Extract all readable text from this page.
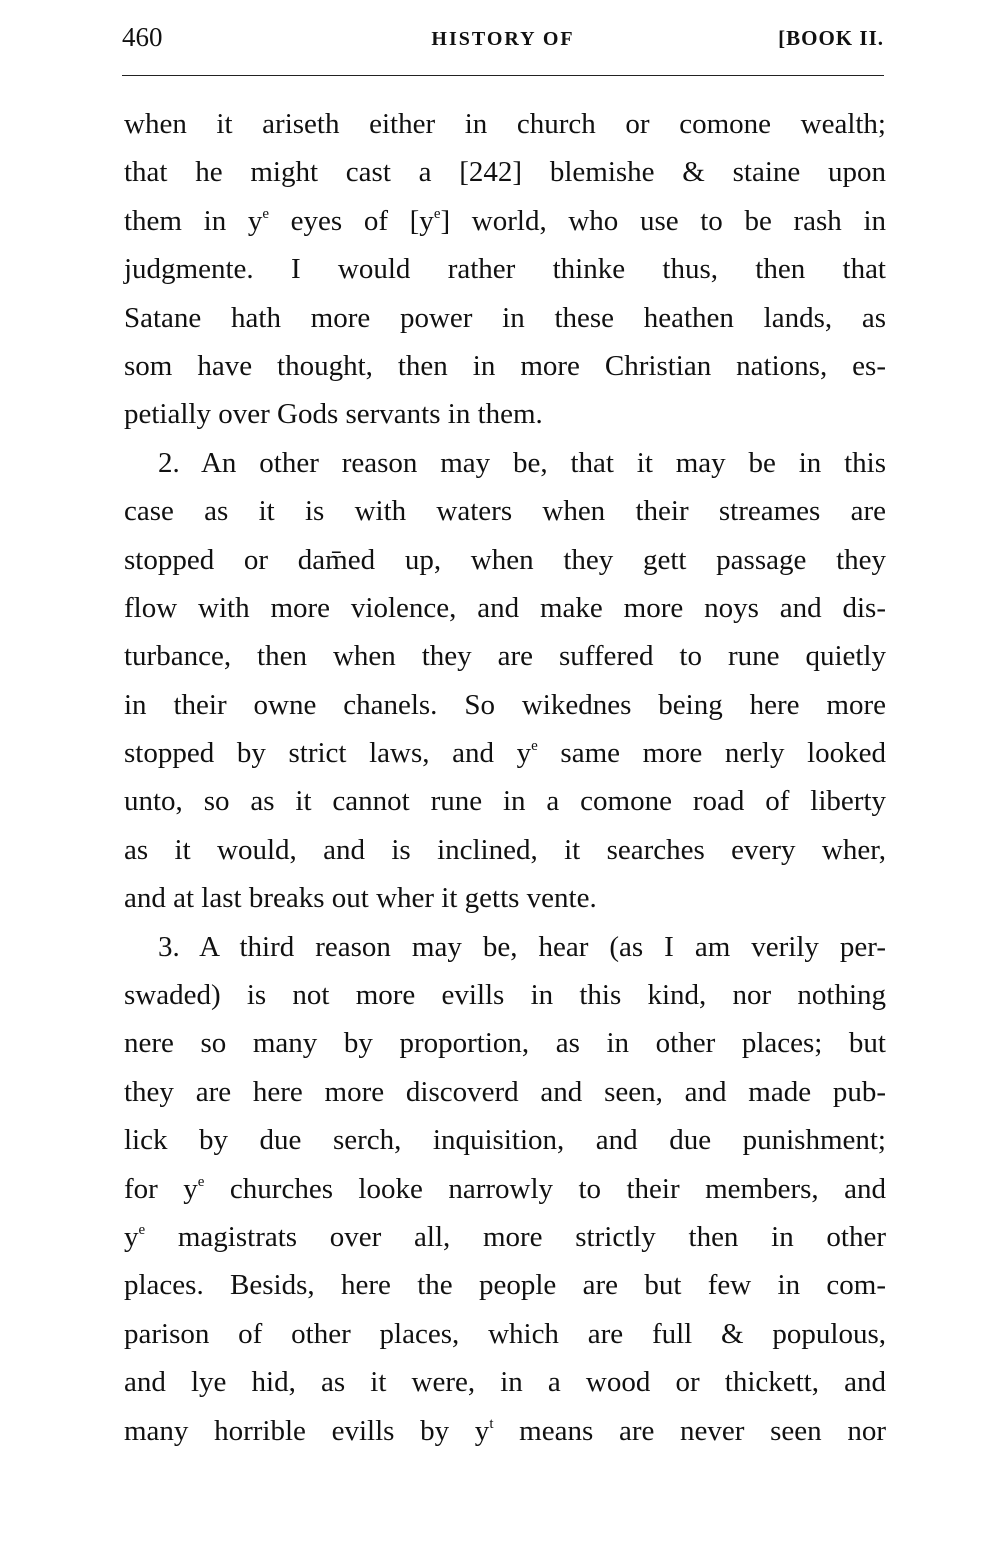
460	HISTORY OF	[BOOK II.
when it ariseth either in church or comone wealth;
that he might cast a [242] blemishe & staine upon
them in $y^e$ eyes of $[y^e]$ world, who use to be rash in
judgmente. I would rather thinke thus, then that
Satane hath more power in these heathen lands, as
som have thought, then in more Christian nations, es-
petially over Gods servants in them.
2. An other reason may be, that it may be in this
case as it is with waters when their streames are
stopped or dam̄ed up, when they gett passage they
flow with more violence, and make more noys and dis-
turbance, then when they are suffered to rune quietly
in their owne chanels. So wikednes being here more
stopped by strict laws, and $y^e$ same more nerly looked
unto, so as it cannot rune in a comone road of liberty
as it would, and is inclined, it searches every wher,
and at last breaks out wher it getts vente.
3. A third reason may be, hear (as I am verily per-
swaded) is not more evills in this kind, nor nothing
nere so many by proportion, as in other places; but
they are here more discoverd and seen, and made pub-
lick by due serch, inquisition, and due punishment;
for $y^e$ churches looke narrowly to their members, and
$y^e$ magistrats over all, more strictly then in other
places. Besids, here the people are but few in com-
parison of other places, which are full & populous,
and lye hid, as it were, in a wood or thickett, and
many horrible evills by $y^t$ means are never seen nor
